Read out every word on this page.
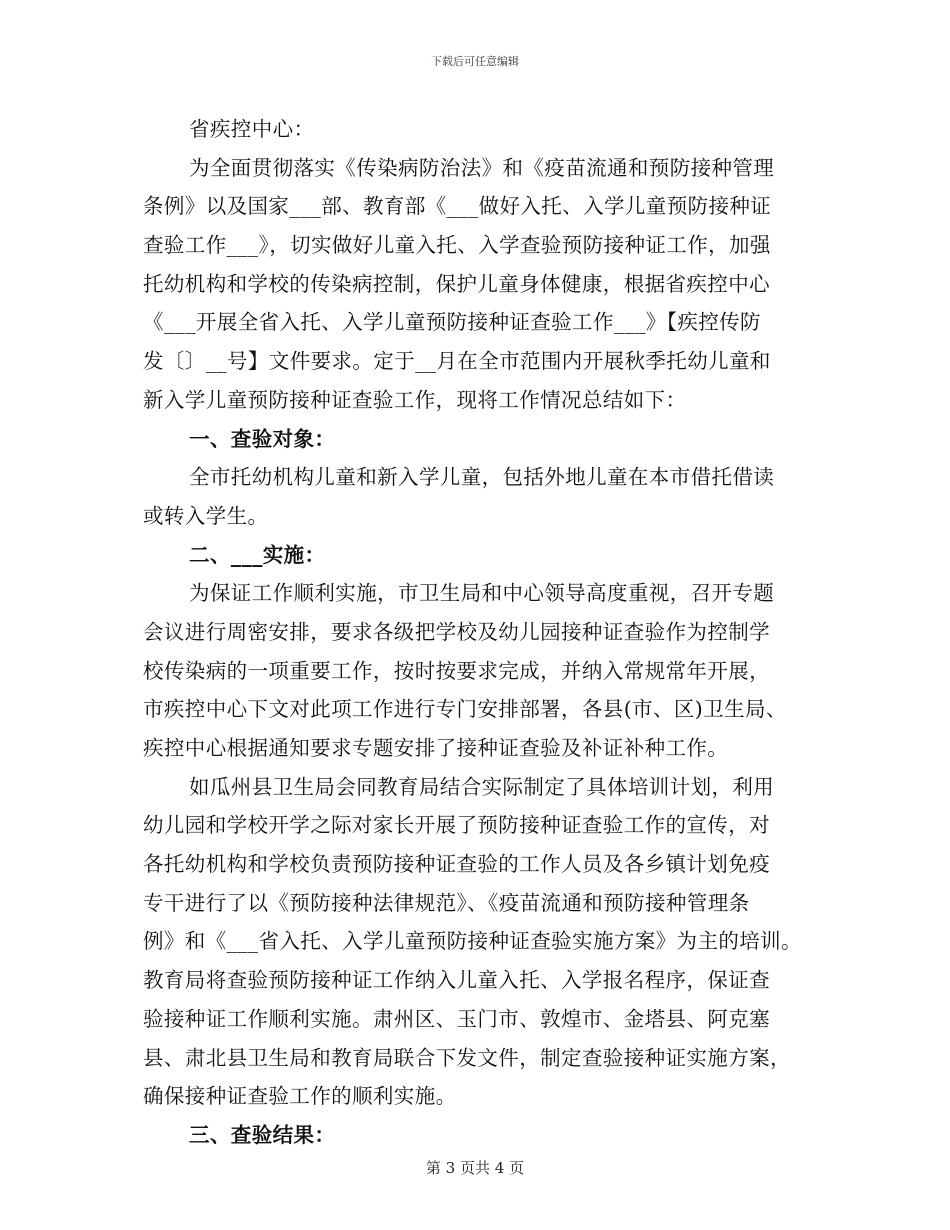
下载后可任意编辑
省疾控中心：
为全面贯彻落实《传染病防治法》和《疫苗流通和预防接种管理
条例》以及国家___部、教育部《___做好入托、入学儿童预防接种证
查验工作___》，切实做好儿童入托、入学查验预防接种证工作，加强
托幼机构和学校的传染病控制，保护儿童身体健康，根据省疾控中心
《___开展全省入托、入学儿童预防接种证查验工作___》【疾控传防
发〔〕__号】文件要求。定于__月在全市范围内开展秋季托幼儿童和
新入学儿童预防接种证查验工作，现将工作情况总结如下：
一、查验对象：
全市托幼机构儿童和新入学儿童，包括外地儿童在本市借托借读
或转入学生。
二、___实施：
为保证工作顺利实施，市卫生局和中心领导高度重视，召开专题
会议进行周密安排，要求各级把学校及幼儿园接种证查验作为控制学
校传染病的一项重要工作，按时按要求完成，并纳入常规常年开展，
市疾控中心下文对此项工作进行专门安排部署，各县(市、区)卫生局、
疾控中心根据通知要求专题安排了接种证查验及补证补种工作。
如瓜州县卫生局会同教育局结合实际制定了具体培训计划，利用
幼儿园和学校开学之际对家长开展了预防接种证查验工作的宣传，对
各托幼机构和学校负责预防接种证查验的工作人员及各乡镇计划免疫
专干进行了以《预防接种法律规范》、《疫苗流通和预防接种管理条
例》和《___省入托、入学儿童预防接种证查验实施方案》为主的培训。
教育局将查验预防接种证工作纳入儿童入托、入学报名程序，保证查
验接种证工作顺利实施。肃州区、玉门市、敦煌市、金塔县、阿克塞
县、肃北县卫生局和教育局联合下发文件，制定查验接种证实施方案，
确保接种证查验工作的顺利实施。
三、查验结果：
第 3 页共 4 页
